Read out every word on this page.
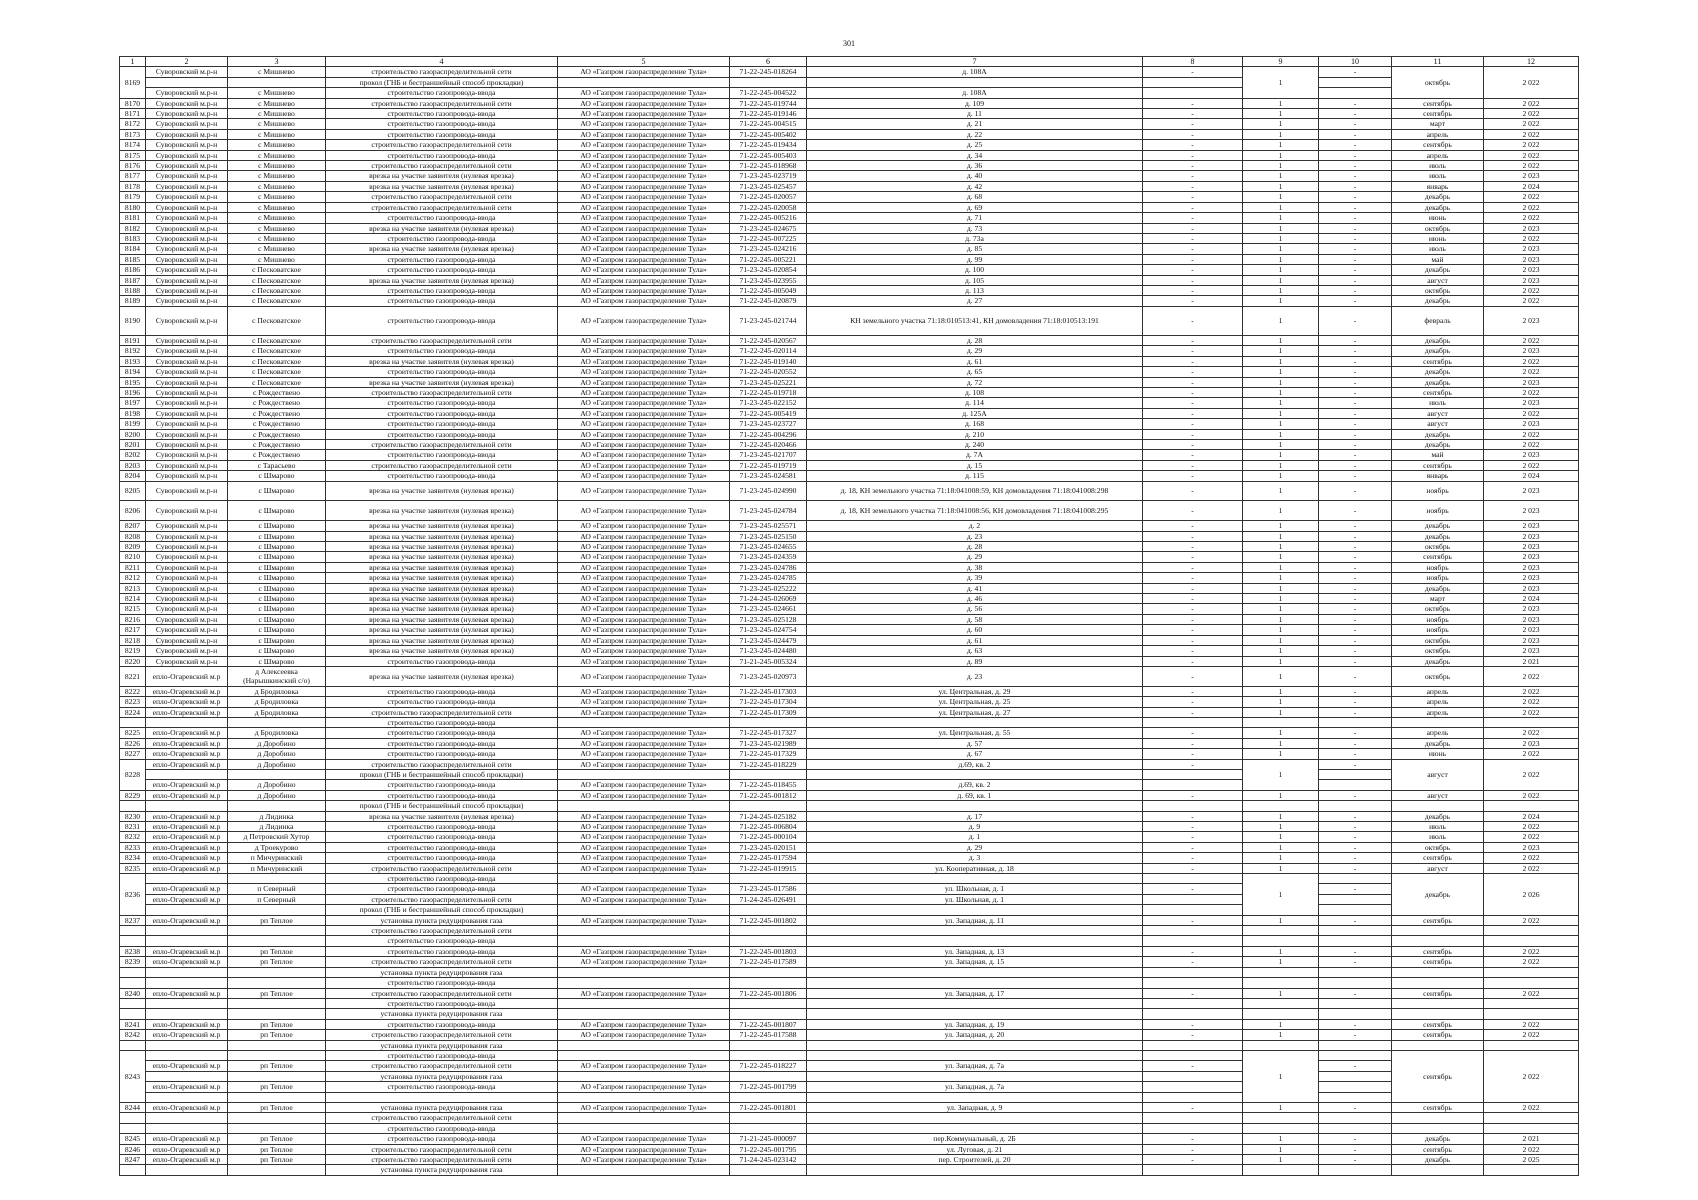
301
1	2	3	4	5	6	7	8	9	10	11	12
8169	Суворовский м.р-н	с Мишнево	строительство газораспределительной сети	АО «Газпром газораспределение Тула»	71-22-245-018264	д. 108А	-	1	-	октябрь	2 022
			прокол (ГНБ и бестраншейный способ прокладки)								
	Суворовский м.р-н	с Мишнево	строительство газопровода-ввода	АО «Газпром газораспределение Тула»	71-22-245-004522	д. 108А					
8170	Суворовский м.р-н	с Мишнево	строительство газораспределительной сети	АО «Газпром газораспределение Тула»	71-22-245-019744	д. 109	-	1	-	сентябрь	2 022
8171	Суворовский м.р-н	с Мишнево	строительство газопровода-ввода	АО «Газпром газораспределение Тула»	71-22-245-019146	д. 11	-	1	-	сентябрь	2 022
8172	Суворовский м.р-н	с Мишнево	строительство газопровода-ввода	АО «Газпром газораспределение Тула»	71-22-245-004515	д. 21	-	1	-	март	2 022
8173	Суворовский м.р-н	с Мишнево	строительство газопровода-ввода	АО «Газпром газораспределение Тула»	71-22-245-005402	д. 22	-	1	-	апрель	2 022
8174	Суворовский м.р-н	с Мишнево	строительство газораспределительной сети	АО «Газпром газораспределение Тула»	71-22-245-019434	д. 25	-	1	-	сентябрь	2 022
8175	Суворовский м.р-н	с Мишнево	строительство газопровода-ввода	АО «Газпром газораспределение Тула»	71-22-245-005403	д. 34	-	1	-	апрель	2 022
8176	Суворовский м.р-н	с Мишнево	строительство газораспределительной сети	АО «Газпром газораспределение Тула»	71-22-245-018968	д. 36	-	1	-	июль	2 022
8177	Суворовский м.р-н	с Мишнево	врезка на участке заявителя (нулевая врезка)	АО «Газпром газораспределение Тула»	71-23-245-023719	д. 40	-	1	-	июль	2 023
8178	Суворовский м.р-н	с Мишнево	врезка на участке заявителя (нулевая врезка)	АО «Газпром газораспределение Тула»	71-23-245-025457	д. 42	-	1	-	январь	2 024
8179	Суворовский м.р-н	с Мишнево	строительство газораспределительной сети	АО «Газпром газораспределение Тула»	71-22-245-020057	д. 68	-	1	-	декабрь	2 022
8180	Суворовский м.р-н	с Мишнево	строительство газораспределительной сети	АО «Газпром газораспределение Тула»	71-22-245-020058	д. 69	-	1	-	декабрь	2 022
8181	Суворовский м.р-н	с Мишнево	строительство газопровода-ввода	АО «Газпром газораспределение Тула»	71-22-245-005216	д. 71	-	1	-	июнь	2 022
8182	Суворовский м.р-н	с Мишнево	врезка на участке заявителя (нулевая врезка)	АО «Газпром газораспределение Тула»	71-23-245-024675	д. 73	-	1	-	октябрь	2 023
8183	Суворовский м.р-н	с Мишнево	строительство газопровода-ввода	АО «Газпром газораспределение Тула»	71-22-245-007225	д. 73а	-	1	-	июнь	2 022
8184	Суворовский м.р-н	с Мишнево	врезка на участке заявителя (нулевая врезка)	АО «Газпром газораспределение Тула»	71-23-245-024216	д. 85	-	1	-	июль	2 023
8185	Суворовский м.р-н	с Мишнево	строительство газопровода-ввода	АО «Газпром газораспределение Тула»	71-22-245-005221	д. 99	-	1	-	май	2 023
8186	Суворовский м.р-н	с Песковатское	строительство газопровода-ввода	АО «Газпром газораспределение Тула»	71-23-245-020854	д. 100	-	1	-	декабрь	2 023
8187	Суворовский м.р-н	с Песковатское	врезка на участке заявителя (нулевая врезка)	АО «Газпром газораспределение Тула»	71-23-245-023955	д. 105	-	1	-	август	2 023
8188	Суворовский м.р-н	с Песковатское	строительство газопровода-ввода	АО «Газпром газораспределение Тула»	71-22-245-005049	д. 113	-	1	-	октябрь	2 022
8189	Суворовский м.р-н	с Песковатское	строительство газопровода-ввода	АО «Газпром газораспределение Тула»	71-22-245-020879	д. 27	-	1	-	декабрь	2 022
8190	Суворовский м.р-н	с Песковатское	строительство газопровода-ввода	АО «Газпром газораспределение Тула»	71-23-245-021744	КН земельного участка 71:18:010513:41, КН домовладения 71:18:010513:191	-	1	-	февраль	2 023
8191	Суворовский м.р-н	с Песковатское	строительство газораспределительной сети	АО «Газпром газораспределение Тула»	71-22-245-020567	д. 28	-	1	-	декабрь	2 022
8192	Суворовский м.р-н	с Песковатское	строительство газопровода-ввода	АО «Газпром газораспределение Тула»	71-22-245-020114	д. 29	-	1	-	декабрь	2 023
8193	Суворовский м.р-н	с Песковатское	врезка на участке заявителя (нулевая врезка)	АО «Газпром газораспределение Тула»	71-22-245-019140	д. 61	-	1	-	сентябрь	2 022
8194	Суворовский м.р-н	с Песковатское	строительство газопровода-ввода	АО «Газпром газораспределение Тула»	71-22-245-020552	д. 65	-	1	-	декабрь	2 022
8195	Суворовский м.р-н	с Песковатское	врезка на участке заявителя (нулевая врезка)	АО «Газпром газораспределение Тула»	71-23-245-025221	д. 72	-	1	-	декабрь	2 023
8196	Суворовский м.р-н	с Рождествено	строительство газораспределительной сети	АО «Газпром газораспределение Тула»	71-22-245-019718	д. 108	-	1	-	сентябрь	2 022
8197	Суворовский м.р-н	с Рождествено	строительство газопровода-ввода	АО «Газпром газораспределение Тула»	71-23-245-022152	д. 114	-	1	-	июль	2 023
8198	Суворовский м.р-н	с Рождествено	строительство газопровода-ввода	АО «Газпром газораспределение Тула»	71-22-245-005419	д. 125А	-	1	-	август	2 022
8199	Суворовский м.р-н	с Рождествено	строительство газопровода-ввода	АО «Газпром газораспределение Тула»	71-23-245-023727	д. 168	-	1	-	август	2 023
8200	Суворовский м.р-н	с Рождествено	строительство газопровода-ввода	АО «Газпром газораспределение Тула»	71-22-245-004296	д. 210	-	1	-	декабрь	2 022
8201	Суворовский м.р-н	с Рождествено	строительство газораспределительной сети	АО «Газпром газораспределение Тула»	71-22-245-020466	д. 240	-	1	-	декабрь	2 022
8202	Суворовский м.р-н	с Рождествено	строительство газопровода-ввода	АО «Газпром газораспределение Тула»	71-23-245-021707	д. 7А	-	1	-	май	2 023
8203	Суворовский м.р-н	с Тарасьево	строительство газораспределительной сети	АО «Газпром газораспределение Тула»	71-22-245-019719	д. 15	-	1	-	сентябрь	2 022
8204	Суворовский м.р-н	с Шмарово	строительство газопровода-ввода	АО «Газпром газораспределение Тула»	71-23-245-024581	д. 115	-	1	-	январь	2 024
8205	Суворовский м.р-н	с Шмарово	врезка на участке заявителя (нулевая врезка)	АО «Газпром газораспределение Тула»	71-23-245-024990	д. 18, КН земельного участка 71:18:041008:59, КН домовладения 71:18:041008:298	-	1	-	ноябрь	2 023
8206	Суворовский м.р-н	с Шмарово	врезка на участке заявителя (нулевая врезка)	АО «Газпром газораспределение Тула»	71-23-245-024784	д. 18, КН земельного участка 71:18:041008:56, КН домовладения 71:18:041008:295	-	1	-	ноябрь	2 023
8207	Суворовский м.р-н	с Шмарово	врезка на участке заявителя (нулевая врезка)	АО «Газпром газораспределение Тула»	71-23-245-025571	д. 2	-	1	-	декабрь	2 023
8208	Суворовский м.р-н	с Шмарово	врезка на участке заявителя (нулевая врезка)	АО «Газпром газораспределение Тула»	71-23-245-025150	д. 23	-	1	-	декабрь	2 023
8209	Суворовский м.р-н	с Шмарово	врезка на участке заявителя (нулевая врезка)	АО «Газпром газораспределение Тула»	71-23-245-024655	д. 28	-	1	-	октябрь	2 023
8210	Суворовский м.р-н	с Шмарово	врезка на участке заявителя (нулевая врезка)	АО «Газпром газораспределение Тула»	71-23-245-024359	д. 29	-	1	-	сентябрь	2 023
8211	Суворовский м.р-н	с Шмарово	врезка на участке заявителя (нулевая врезка)	АО «Газпром газораспределение Тула»	71-23-245-024786	д. 38	-	1	-	ноябрь	2 023
8212	Суворовский м.р-н	с Шмарово	врезка на участке заявителя (нулевая врезка)	АО «Газпром газораспределение Тула»	71-23-245-024785	д. 39	-	1	-	ноябрь	2 023
8213	Суворовский м.р-н	с Шмарово	врезка на участке заявителя (нулевая врезка)	АО «Газпром газораспределение Тула»	71-23-245-025222	д. 41	-	1	-	декабрь	2 023
8214	Суворовский м.р-н	с Шмарово	врезка на участке заявителя (нулевая врезка)	АО «Газпром газораспределение Тула»	71-24-245-026069	д. 46	-	1	-	март	2 024
8215	Суворовский м.р-н	с Шмарово	врезка на участке заявителя (нулевая врезка)	АО «Газпром газораспределение Тула»	71-23-245-024661	д. 56	-	1	-	октябрь	2 023
8216	Суворовский м.р-н	с Шмарово	врезка на участке заявителя (нулевая врезка)	АО «Газпром газораспределение Тула»	71-23-245-025128	д. 58	-	1	-	ноябрь	2 023
8217	Суворовский м.р-н	с Шмарово	врезка на участке заявителя (нулевая врезка)	АО «Газпром газораспределение Тула»	71-23-245-024754	д. 60	-	1	-	ноябрь	2 023
8218	Суворовский м.р-н	с Шмарово	врезка на участке заявителя (нулевая врезка)	АО «Газпром газораспределение Тула»	71-23-245-024479	д. 61	-	1	-	октябрь	2 023
8219	Суворовский м.р-н	с Шмарово	врезка на участке заявителя (нулевая врезка)	АО «Газпром газораспределение Тула»	71-23-245-024480	д. 63	-	1	-	октябрь	2 023
8220	Суворовский м.р-н	с Шмарово	строительство газопровода-ввода	АО «Газпром газораспределение Тула»	71-21-245-005324	д. 89	-	1	-	декабрь	2 021
8221	епло-Огаревский м.р	д Алексеевка (Нарышкинский с/о)	врезка на участке заявителя (нулевая врезка)	АО «Газпром газораспределение Тула»	71-23-245-020973	д. 23	-	1	-	октябрь	2 022
8222	епло-Огаревский м.р	д Бродиловка	строительство газопровода-ввода	АО «Газпром газораспределение Тула»	71-22-245-017303	ул. Центральная, д. 29	-	1	-	апрель	2 022
8223	епло-Огаревский м.р	д Бродиловка	строительство газопровода-ввода	АО «Газпром газораспределение Тула»	71-22-245-017304	ул. Центральная, д. 25	-	1	-	апрель	2 022
8224	епло-Огаревский м.р	д Бродиловка	строительство газораспределительной сети	АО «Газпром газораспределение Тула»	71-22-245-017309	ул. Центральная, д. 27	-	1	-	апрель	2 022
			строительство газопровода-ввода								
8225	епло-Огаревский м.р	д Бродиловка	строительство газопровода-ввода	АО «Газпром газораспределение Тула»	71-22-245-017327	ул. Центральная, д. 55	-	1	-	апрель	2 022
8226	епло-Огаревский м.р	д Доробино	строительство газопровода-ввода	АО «Газпром газораспределение Тула»	71-23-245-021989	д. 57	-	1	-	декабрь	2 023
8227	епло-Огаревский м.р	д Доробино	строительство газопровода-ввода	АО «Газпром газораспределение Тула»	71-22-245-017329	д. 67	-	1	-	июнь	2 022
8228	епло-Огаревский м.р	д Доробино	строительство газораспределительной сети	АО «Газпром газораспределение Тула»	71-22-245-018229	д.69, кв. 2	-	1	-	август	2 022
			прокол (ГНБ и бестраншейный способ прокладки)								
	епло-Огаревский м.р	д Доробино	строительство газопровода-ввода	АО «Газпром газораспределение Тула»	71-22-245-018455	д.69, кв. 2					
8229	епло-Огаревский м.р	д Доробино	строительство газопровода-ввода	АО «Газпром газораспределение Тула»	71-22-245-001812	д. 69, кв. 1	-	1	-	август	2 022
			прокол (ГНБ и бестраншейный способ прокладки)								
8230	епло-Огаревский м.р	д Лидинка	врезка на участке заявителя (нулевая врезка)	АО «Газпром газораспределение Тула»	71-24-245-025182	д. 17	-	1	-	декабрь	2 024
8231	епло-Огаревский м.р	д Лидинка	строительство газопровода-ввода	АО «Газпром газораспределение Тула»	71-22-245-006804	д. 9	-	1	-	июль	2 022
8232	епло-Огаревский м.р	д Петровский Хутор	строительство газопровода-ввода	АО «Газпром газораспределение Тула»	71-22-245-000104	д. 1	-	1	-	июль	2 022
8233	епло-Огаревский м.р	д Троекурово	строительство газопровода-ввода	АО «Газпром газораспределение Тула»	71-23-245-020151	д. 29	-	1	-	октябрь	2 023
8234	епло-Огаревский м.р	п Мичуринский	строительство газопровода-ввода	АО «Газпром газораспределение Тула»	71-22-245-017594	д. 3	-	1	-	сентябрь	2 022
8235	епло-Огаревский м.р	п Мичуринский	строительство газораспределительной сети	АО «Газпром газораспределение Тула»	71-22-245-019915	ул. Кооперативная, д. 18	-	1	-	август	2 022
8236			строительство газопровода-ввода					1		декабрь	2 026
	епло-Огаревский м.р	п Северный	строительство газопровода-ввода	АО «Газпром газораспределение Тула»	71-23-245-017586	ул. Школьная, д. 1	-		-		
	епло-Огаревский м.р	п Северный	строительство газораспределительной сети	АО «Газпром газораспределение Тула»	71-24-245-026491	ул. Школьная, д. 1					
			прокол (ГНБ и бестраншейный способ прокладки)								
8237	епло-Огаревский м.р	рп Теплое	установка пункта редуцирования газа	АО «Газпром газораспределение Тула»	71-22-245-001802	ул. Западная, д. 11	-	1	-	сентябрь	2 022
			строительство газораспределительной сети								
			строительство газопровода-ввода								
8238	епло-Огаревский м.р	рп Теплое	строительство газопровода-ввода	АО «Газпром газораспределение Тула»	71-22-245-001803	ул. Западная, д. 13	-	1	-	сентябрь	2 022
8239	епло-Огаревский м.р	рп Теплое	строительство газораспределительной сети	АО «Газпром газораспределение Тула»	71-22-245-017589	ул. Западная, д. 15	-	1	-	сентябрь	2 022
			установка пункта редуцирования газа								
			строительство газопровода-ввода								
8240	епло-Огаревский м.р	рп Теплое	строительство газораспределительной сети	АО «Газпром газораспределение Тула»	71-22-245-001806	ул. Западная, д. 17	-	1	-	сентябрь	2 022
			строительство газопровода-ввода								
			установка пункта редуцирования газа								
8241	епло-Огаревский м.р	рп Теплое	строительство газопровода-ввода	АО «Газпром газораспределение Тула»	71-22-245-001807	ул. Западная, д. 19	-	1	-	сентябрь	2 022
8242	епло-Огаревский м.р	рп Теплое	строительство газораспределительной сети	АО «Газпром газораспределение Тула»	71-22-245-017588	ул. Западная, д. 20	-	1	-	сентябрь	2 022
			установка пункта редуцирования газа								
8243			строительство газопровода-ввода					1		сентябрь	2 022
	епло-Огаревский м.р	рп Теплое	строительство газораспределительной сети	АО «Газпром газораспределение Тула»	71-22-245-018227	ул. Западная, д. 7а	-		-		
			установка пункта редуцирования газа								
	епло-Огаревский м.р	рп Теплое	строительство газопровода-ввода	АО «Газпром газораспределение Тула»	71-22-245-001799	ул. Западная, д. 7а					

8244	епло-Огаревский м.р	рп Теплое	установка пункта редуцирования газа	АО «Газпром газораспределение Тула»	71-22-245-001801	ул. Западная, д. 9	-	1	-	сентябрь	2 022
			строительство газораспределительной сети								
			строительство газопровода-ввода								
8245	епло-Огаревский м.р	рп Теплое	строительство газопровода-ввода	АО «Газпром газораспределение Тула»	71-21-245-000097	пер.Коммунальный, д. 2Б	-	1	-	декабрь	2 021
8246	епло-Огаревский м.р	рп Теплое	строительство газораспределительной сети	АО «Газпром газораспределение Тула»	71-22-245-001795	ул. Луговая, д. 21	-	1	-	сентябрь	2 022
8247	епло-Огаревский м.р	рп Теплое	строительство газораспределительной сети	АО «Газпром газораспределение Тула»	71-24-245-023142	пер. Строителей, д. 20	-	1	-	декабрь	2 025
			установка пункта редуцирования газа								
